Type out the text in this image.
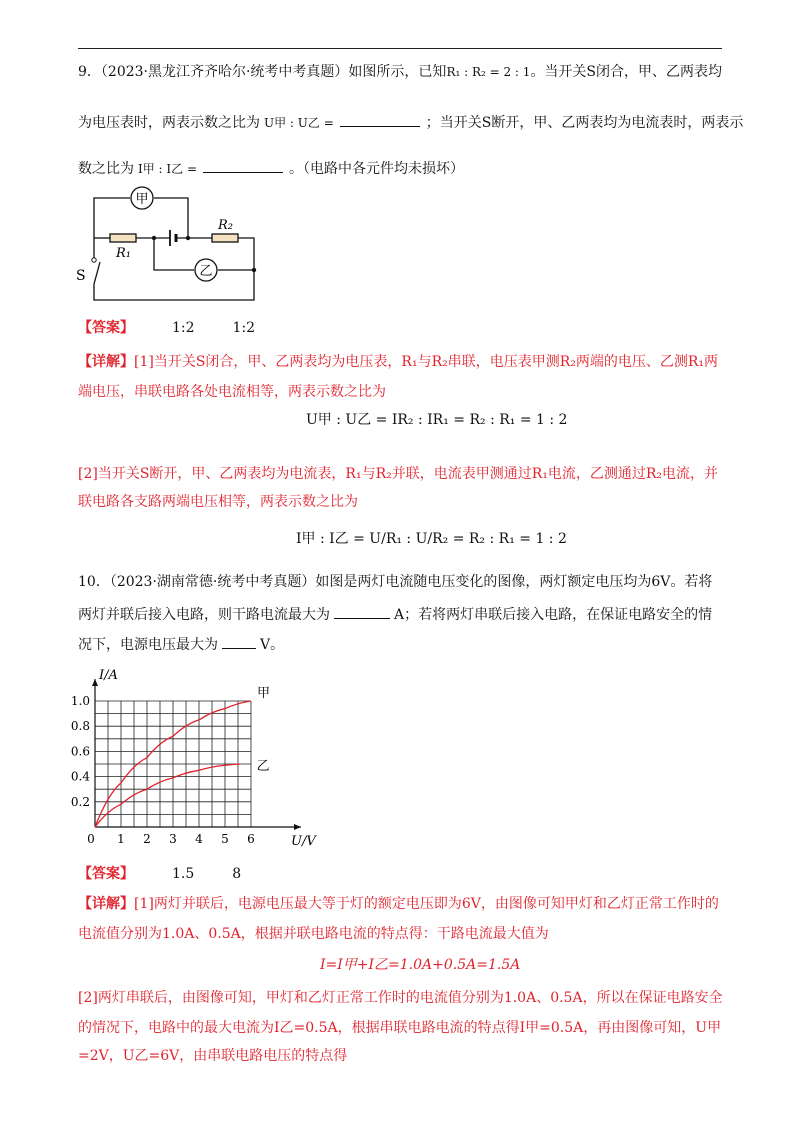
9．（2023·黑龙江齐齐哈尔·统考中考真题）如图所示，已知R₁ : R₂ = 2 : 1。当开关S闭合，甲、乙两表均
为电压表时，两表示数之比为 U甲 : U乙 =	；当开关S断开，甲、乙两表均为电流表时，两表示
数之比为 I甲 : I乙 =	。（电路中各元件均未损坏）
甲
乙
R₁
R₂
S
【答案】	1:2	1:2
【详解】[1]当开关S闭合，甲、乙两表均为电压表，R₁与R₂串联，电压表甲测R₂两端的电压、乙测R₁两
端电压，串联电路各处电流相等，两表示数之比为
U甲 : U乙 = IR₂ : IR₁ = R₂ : R₁ = 1 : 2
[2]当开关S断开，甲、乙两表均为电流表，R₁与R₂并联，电流表甲测通过R₁电流，乙测通过R₂电流，并
联电路各支路两端电压相等，两表示数之比为
I甲 : I乙 = U/R₁ : U/R₂ = R₂ : R₁ = 1 : 2
10．（2023·湖南常德·统考中考真题）如图是两灯电流随电压变化的图像，两灯额定电压均为6V。若将
两灯并联后接入电路，则干路电流最大为	A；若将两灯串联后接入电路，在保证电路安全的情
况下，电源电压最大为	V。
0 1 2 3 4 5 6
0.2
0.4
0.6
0.8
1.0
U/V
I/A
甲
乙
【答案】	1.5	8
【详解】[1]两灯并联后，电源电压最大等于灯的额定电压即为6V，由图像可知甲灯和乙灯正常工作时的
电流值分别为1.0A、0.5A，根据并联电路电流的特点得：干路电流最大值为
I=I甲+I乙=1.0A+0.5A=1.5A
[2]两灯串联后，由图像可知，甲灯和乙灯正常工作时的电流值分别为1.0A、0.5A，所以在保证电路安全
的情况下，电路中的最大电流为I乙=0.5A，根据串联电路电流的特点得I甲=0.5A，再由图像可知，U甲
=2V，U乙=6V，由串联电路电压的特点得
